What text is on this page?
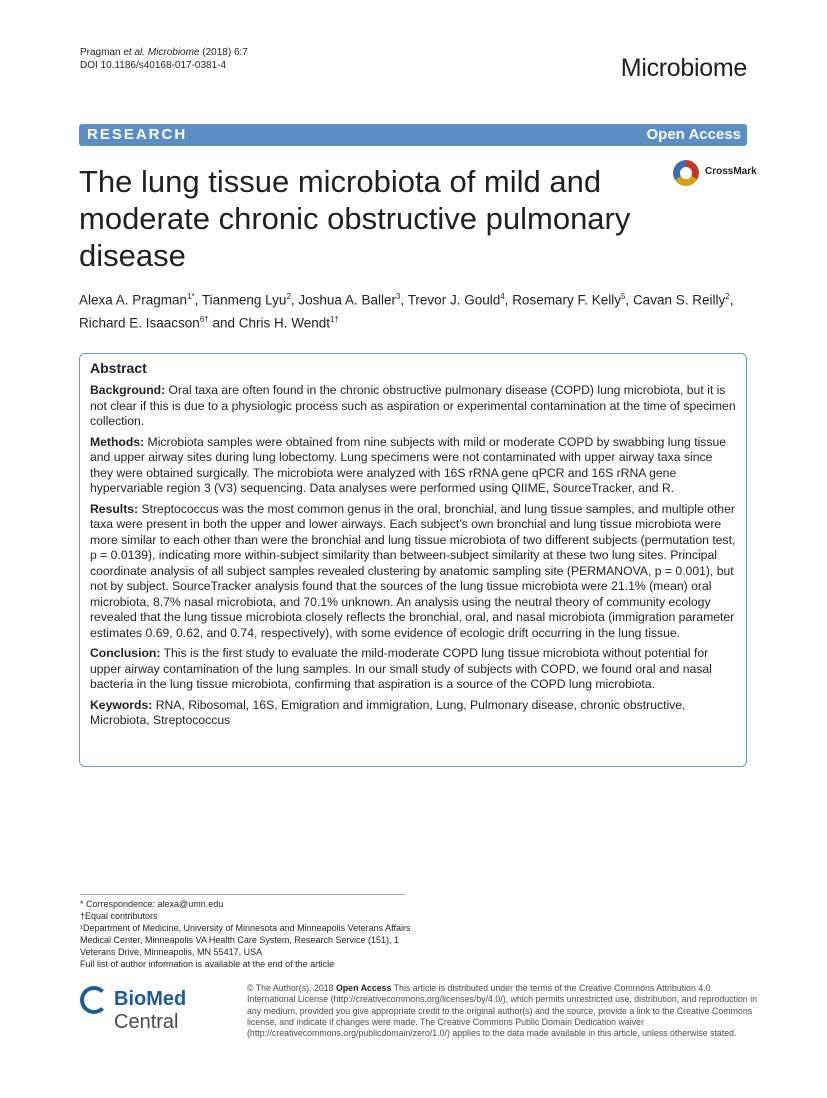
Pragman et al. Microbiome (2018) 6:7
DOI 10.1186/s40168-017-0381-4	Microbiome
RESEARCH	Open Access
CrossMark
The lung tissue microbiota of mild and moderate chronic obstructive pulmonary disease
Alexa A. Pragman$^{1*}$, Tianmeng Lyu$^2$, Joshua A. Baller$^3$, Trevor J. Gould$^4$, Rosemary F. Kelly$^5$, Cavan S. Reilly$^2$, Richard E. Isaacson$^{6\dagger}$ and Chris H. Wendt$^{1\dagger}$
Abstract

Background: Oral taxa are often found in the chronic obstructive pulmonary disease (COPD) lung microbiota, but it is not clear if this is due to a physiologic process such as aspiration or experimental contamination at the time of specimen collection.

Methods: Microbiota samples were obtained from nine subjects with mild or moderate COPD by swabbing lung tissue and upper airway sites during lung lobectomy. Lung specimens were not contaminated with upper airway taxa since they were obtained surgically. The microbiota were analyzed with 16S rRNA gene qPCR and 16S rRNA gene hypervariable region 3 (V3) sequencing. Data analyses were performed using QIIME, SourceTracker, and R.

Results: Streptococcus was the most common genus in the oral, bronchial, and lung tissue samples, and multiple other taxa were present in both the upper and lower airways. Each subject’s own bronchial and lung tissue microbiota were more similar to each other than were the bronchial and lung tissue microbiota of two different subjects (permutation test, p = 0.0139), indicating more within-subject similarity than between-subject similarity at these two lung sites. Principal coordinate analysis of all subject samples revealed clustering by anatomic sampling site (PERMANOVA, p = 0.001), but not by subject. SourceTracker analysis found that the sources of the lung tissue microbiota were 21.1% (mean) oral microbiota, 8.7% nasal microbiota, and 70.1% unknown. An analysis using the neutral theory of community ecology revealed that the lung tissue microbiota closely reflects the bronchial, oral, and nasal microbiota (immigration parameter estimates 0.69, 0.62, and 0.74, respectively), with some evidence of ecologic drift occurring in the lung tissue.

Conclusion: This is the first study to evaluate the mild-moderate COPD lung tissue microbiota without potential for upper airway contamination of the lung samples. In our small study of subjects with COPD, we found oral and nasal bacteria in the lung tissue microbiota, confirming that aspiration is a source of the COPD lung microbiota.

Keywords: RNA, Ribosomal, 16S, Emigration and immigration, Lung, Pulmonary disease, chronic obstructive, Microbiota, Streptococcus

* Correspondence: alexa@umn.edu
†Equal contributors
¹Department of Medicine, University of Minnesota and Minneapolis Veterans Affairs Medical Center, Minneapolis VA Health Care System, Research Service (151), 1 Veterans Drive, Minneapolis, MN 55417, USA
Full list of author information is available at the end of the article
BioMed Central
© The Author(s). 2018 Open Access This article is distributed under the terms of the Creative Commons Attribution 4.0 International License (http://creativecommons.org/licenses/by/4.0/), which permits unrestricted use, distribution, and reproduction in any medium, provided you give appropriate credit to the original author(s) and the source, provide a link to the Creative Commons license, and indicate if changes were made. The Creative Commons Public Domain Dedication waiver (http://creativecommons.org/publicdomain/zero/1.0/) applies to the data made available in this article, unless otherwise stated.
